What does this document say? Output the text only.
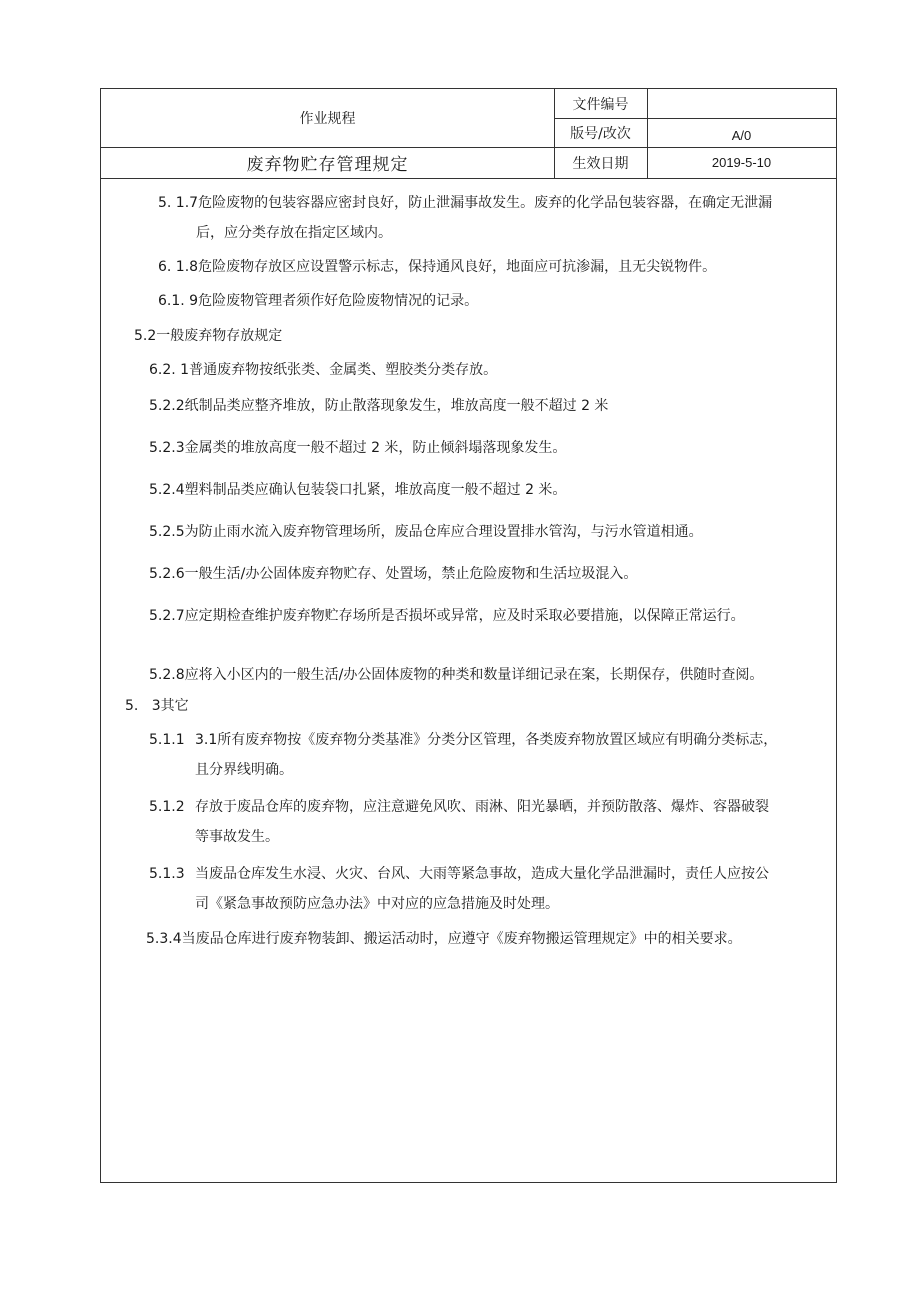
作业规程
废弃物贮存管理规定
文件编号
版号/改次	A/0
生效日期	2019-5-10
5. 1.7危险废物的包装容器应密封良好，防止泄漏事故发生。废弃的化学品包装容器，在确定无泄漏
后，应分类存放在指定区域内。
6. 1.8危险废物存放区应设置警示标志，保持通风良好，地面应可抗渗漏，且无尖锐物件。
6.1. 9危险废物管理者须作好危险废物情况的记录。
5.2一般废弃物存放规定
6.2. 1普通废弃物按纸张类、金属类、塑胶类分类存放。
5.2.2纸制品类应整齐堆放，防止散落现象发生，堆放高度一般不超过 2 米
5.2.3金属类的堆放高度一般不超过 2 米，防止倾斜塌落现象发生。
5.2.4塑料制品类应确认包装袋口扎紧，堆放高度一般不超过 2 米。
5.2.5为防止雨水流入废弃物管理场所，废品仓库应合理设置排水管沟，与污水管道相通。
5.2.6一般生活/办公固体废弃物贮存、处置场，禁止危险废物和生活垃圾混入。
5.2.7应定期检查维护废弃物贮存场所是否损坏或异常，应及时采取必要措施，以保障正常运行。
5.2.8应将入小区内的一般生活/办公固体废物的种类和数量详细记录在案，长期保存，供随时查阅。
5.   3其它
5.1.1 3.1所有废弃物按《废弃物分类基准》分类分区管理，各类废弃物放置区域应有明确分类标志，
且分界线明确。
5.1.2 存放于废品仓库的废弃物，应注意避免风吹、雨淋、阳光暴晒，并预防散落、爆炸、容器破裂
等事故发生。
5.1.3 当废品仓库发生水浸、火灾、台风、大雨等紧急事故，造成大量化学品泄漏时，责任人应按公
司《紧急事故预防应急办法》中对应的应急措施及时处理。
5.3.4当废品仓库进行废弃物装卸、搬运活动时，应遵守《废弃物搬运管理规定》中的相关要求。
